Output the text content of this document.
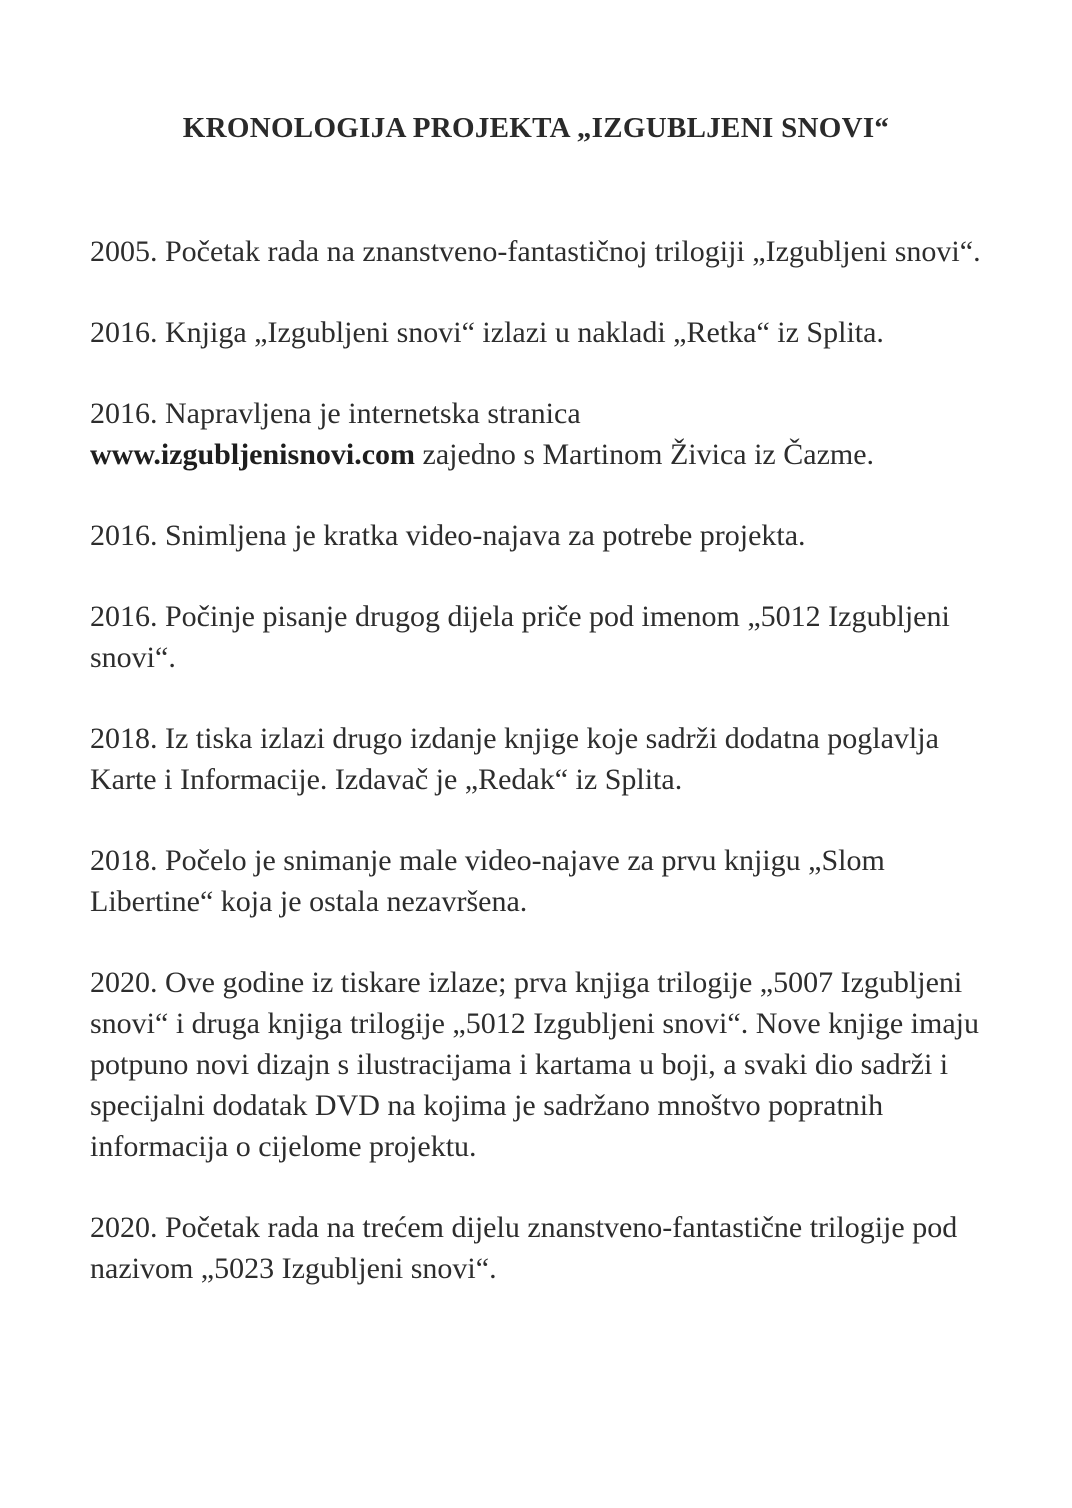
KRONOLOGIJA PROJEKTA „IZGUBLJENI SNOVI“
2005. Početak rada na znanstveno-fantastičnoj trilogiji „Izgubljeni snovi“.
2016. Knjiga „Izgubljeni snovi“ izlazi u nakladi „Retka“ iz Splita.
2016. Napravljena je internetska stranica
www.izgubljenisnovi.com zajedno s Martinom Živica iz Čazme.
2016. Snimljena je kratka video-najava za potrebe projekta.
2016. Počinje pisanje drugog dijela priče pod imenom „5012 Izgubljeni snovi“.
2018. Iz tiska izlazi drugo izdanje knjige koje sadrži dodatna poglavlja Karte i Informacije. Izdavač je „Redak“ iz Splita.
2018. Počelo je snimanje male video-najave za prvu knjigu „Slom Libertine“ koja je ostala nezavršena.
2020. Ove godine iz tiskare izlaze; prva knjiga trilogije „5007 Izgubljeni snovi“ i druga knjiga trilogije „5012 Izgubljeni snovi“. Nove knjige imaju potpuno novi dizajn s ilustracijama i kartama u boji, a svaki dio sadrži i specijalni dodatak DVD na kojima je sadržano mnoštvo popratnih informacija o cijelome projektu.
2020. Početak rada na trećem dijelu znanstveno-fantastične trilogije pod nazivom „5023 Izgubljeni snovi“.
